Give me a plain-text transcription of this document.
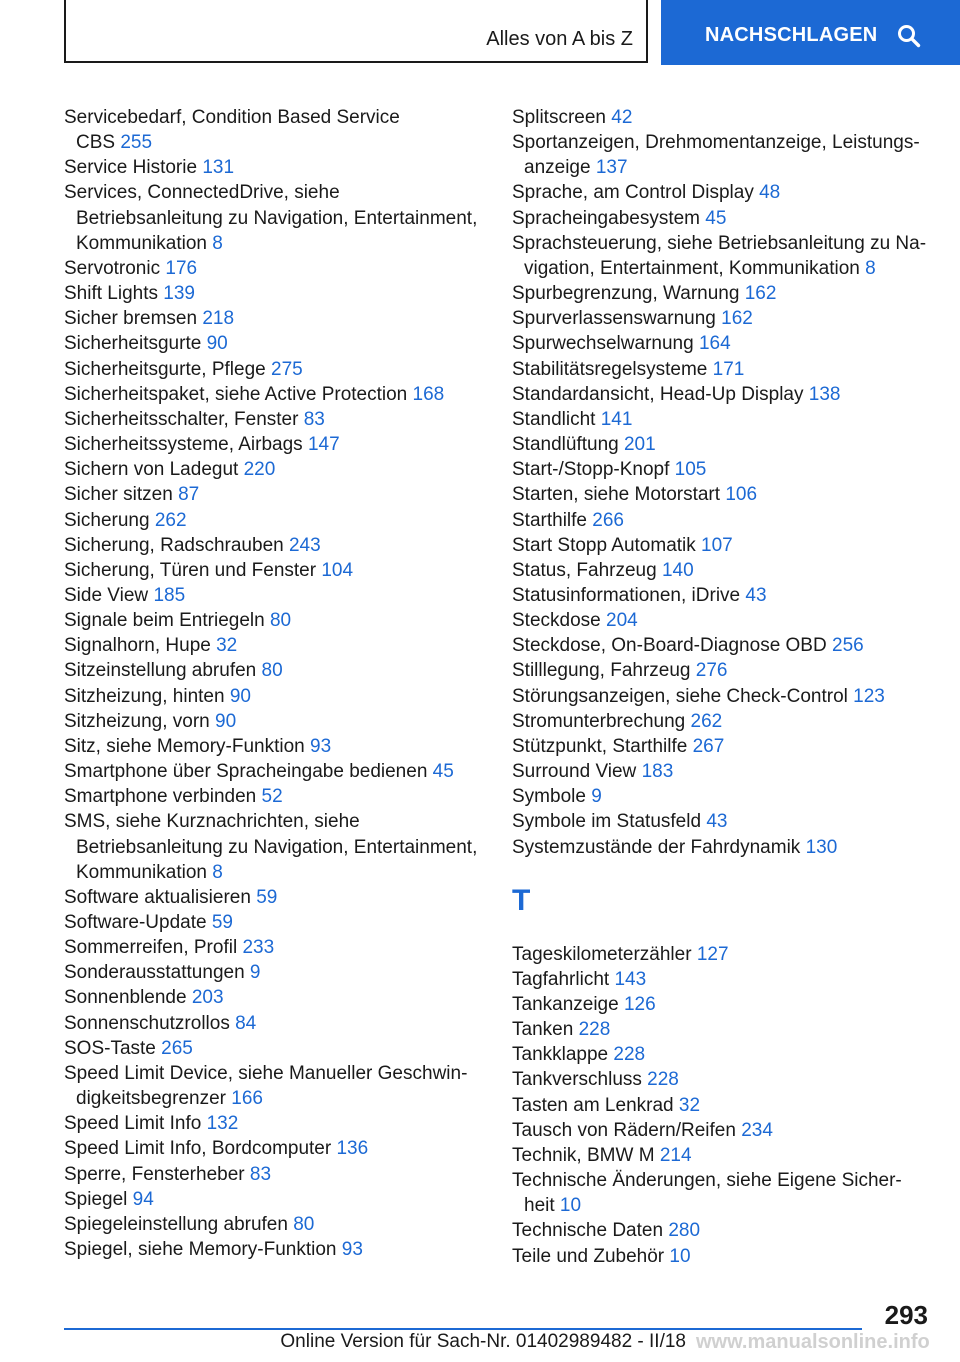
Alles von A bis Z	NACHSCHLAGEN
Servicebedarf, Condition Based Service
CBS 255
Service Historie 131
Services, ConnectedDrive, siehe
Betriebsanleitung zu Navigation, Entertainment,
Kommunikation 8
Servotronic 176
Shift Lights 139
Sicher bremsen 218
Sicherheitsgurte 90
Sicherheitsgurte, Pflege 275
Sicherheitspaket, siehe Active Protection 168
Sicherheitsschalter, Fenster 83
Sicherheitssysteme, Airbags 147
Sichern von Ladegut 220
Sicher sitzen 87
Sicherung 262
Sicherung, Radschrauben 243
Sicherung, Türen und Fenster 104
Side View 185
Signale beim Entriegeln 80
Signalhorn, Hupe 32
Sitzeinstellung abrufen 80
Sitzheizung, hinten 90
Sitzheizung, vorn 90
Sitz, siehe Memory-Funktion 93
Smartphone über Spracheingabe bedienen 45
Smartphone verbinden 52
SMS, siehe Kurznachrichten, siehe
Betriebsanleitung zu Navigation, Entertainment,
Kommunikation 8
Software aktualisieren 59
Software-Update 59
Sommerreifen, Profil 233
Sonderausstattungen 9
Sonnenblende 203
Sonnenschutzrollos 84
SOS-Taste 265
Speed Limit Device, siehe Manueller Geschwin-
digkeitsbegrenzer 166
Speed Limit Info 132
Speed Limit Info, Bordcomputer 136
Sperre, Fensterheber 83
Spiegel 94
Spiegeleinstellung abrufen 80
Spiegel, siehe Memory-Funktion 93
Splitscreen 42
Sportanzeigen, Drehmomentanzeige, Leistungs-
anzeige 137
Sprache, am Control Display 48
Spracheingabesystem 45
Sprachsteuerung, siehe Betriebsanleitung zu Na-
vigation, Entertainment, Kommunikation 8
Spurbegrenzung, Warnung 162
Spurverlassenswarnung 162
Spurwechselwarnung 164
Stabilitätsregelsysteme 171
Standardansicht, Head-Up Display 138
Standlicht 141
Standlüftung 201
Start-/Stopp-Knopf 105
Starten, siehe Motorstart 106
Starthilfe 266
Start Stopp Automatik 107
Status, Fahrzeug 140
Statusinformationen, iDrive 43
Steckdose 204
Steckdose, On-Board-Diagnose OBD 256
Stilllegung, Fahrzeug 276
Störungsanzeigen, siehe Check-Control 123
Stromunterbrechung 262
Stützpunkt, Starthilfe 267
Surround View 183
Symbole 9
Symbole im Statusfeld 43
Systemzustände der Fahrdynamik 130
T
Tageskilometerzähler 127
Tagfahrlicht 143
Tankanzeige 126
Tanken 228
Tankklappe 228
Tankverschluss 228
Tasten am Lenkrad 32
Tausch von Rädern/Reifen 234
Technik, BMW M 214
Technische Änderungen, siehe Eigene Sicher-
heit 10
Technische Daten 280
Teile und Zubehör 10
293
Online Version für Sach-Nr. 01402989482 - II/18 www.manualsonline.info
